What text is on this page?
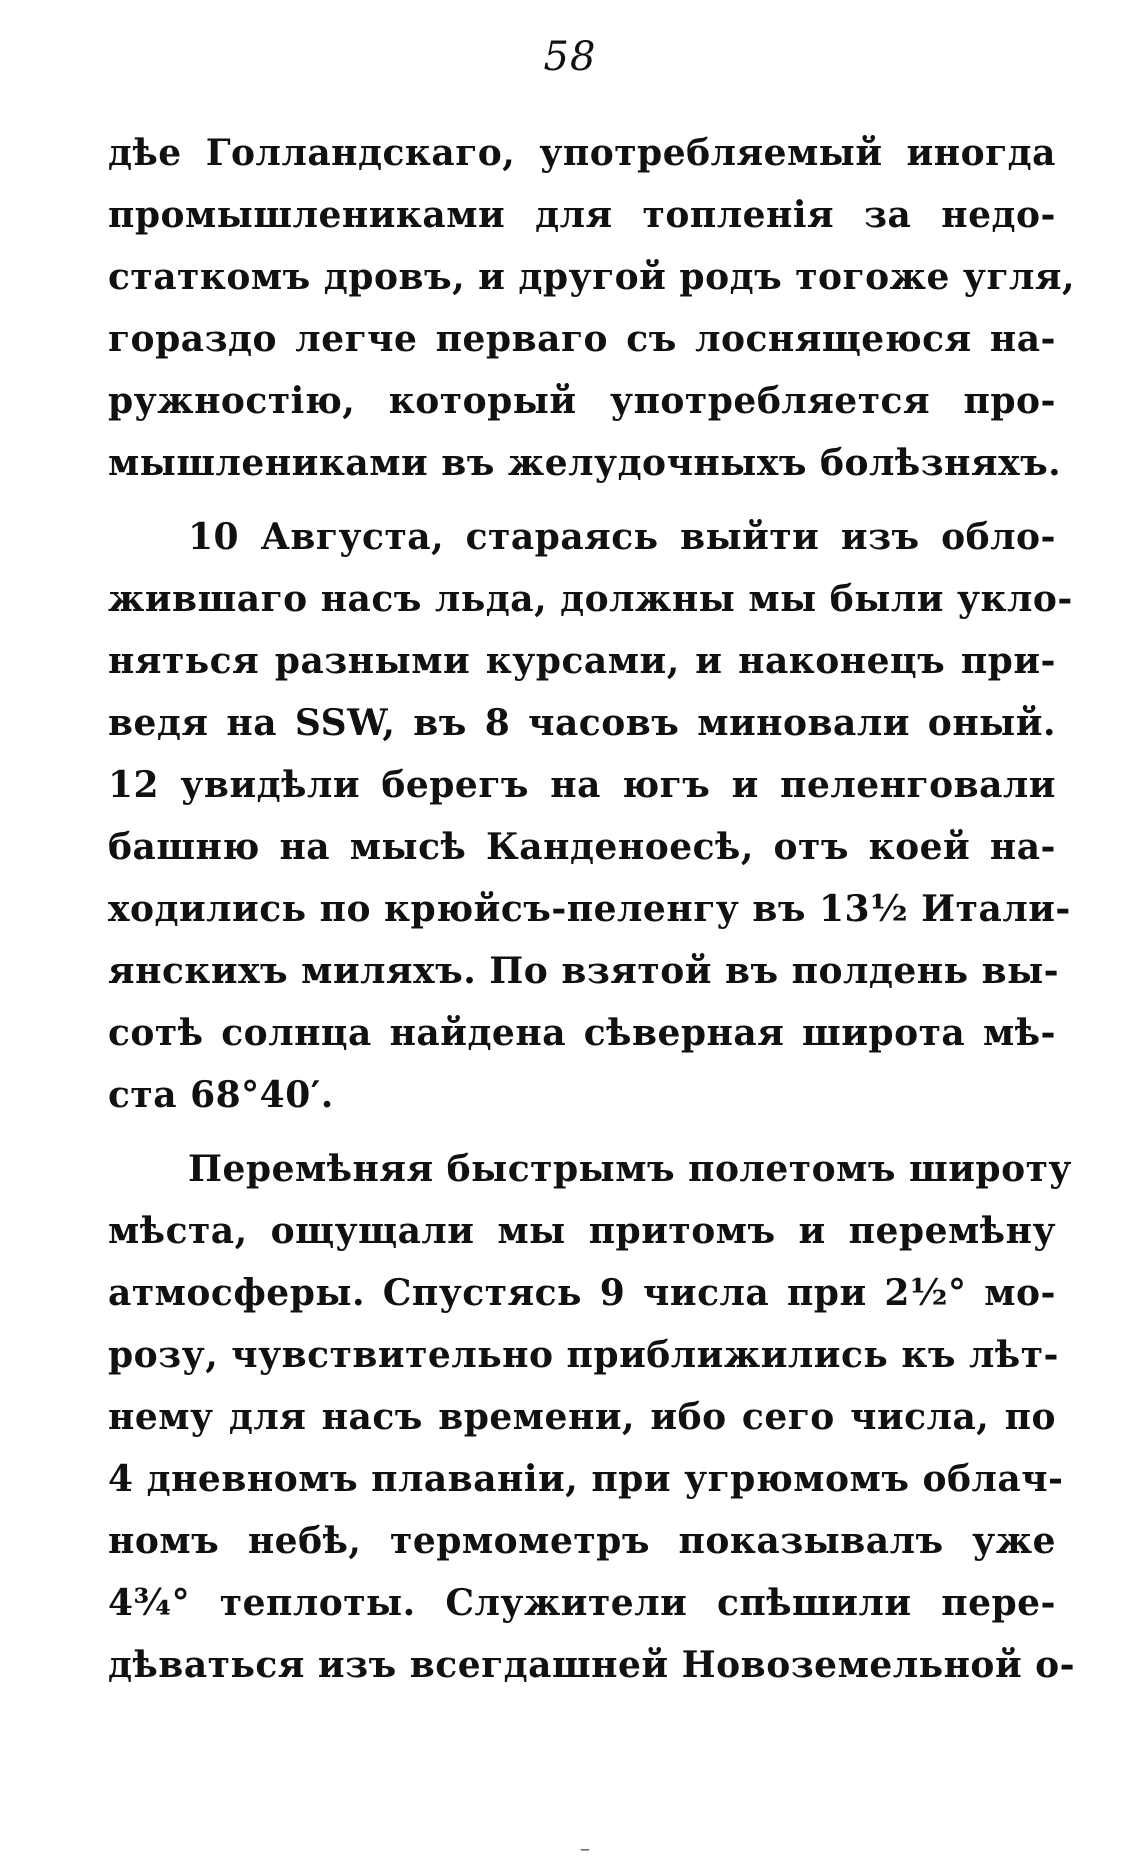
58
дѣе Голландскаго, употребляемый иногда
промышлениками для топленія за недо-
статкомъ дровъ, и другой родъ тогоже угля,
гораздо легче перваго съ лоснящеюся на-
ружностію, который употребляется про-
мышлениками въ желудочныхъ болѣзняхъ.
10 Августа, стараясь выйти изъ обло-
жившаго насъ льда, должны мы были укло-
няться разными курсами, и наконецъ при-
ведя на SSW, въ 8 часовъ миновали оный.
12 увидѣли берегъ на югъ и пеленговали
башню на мысѣ Канденоесѣ, отъ коей на-
ходились по крюйсъ-пеленгу въ 13½ Итали-
янскихъ миляхъ. По взятой въ полдень вы-
сотѣ солнца найдена сѣверная широта мѣ-
ста 68°40′.
Перемѣняя быстрымъ полетомъ широту
мѣста, ощущали мы притомъ и перемѣну
атмосферы. Спустясь 9 числа при 2½° мо-
розу, чувствительно приближились къ лѣт-
нему для насъ времени, ибо сего числа, по
4 дневномъ плаваніи, при угрюмомъ облач-
номъ небѣ, термометръ показывалъ уже
4¾° теплоты. Служители спѣшили пере-
дѣваться изъ всегдашней Новоземельной о-
–
